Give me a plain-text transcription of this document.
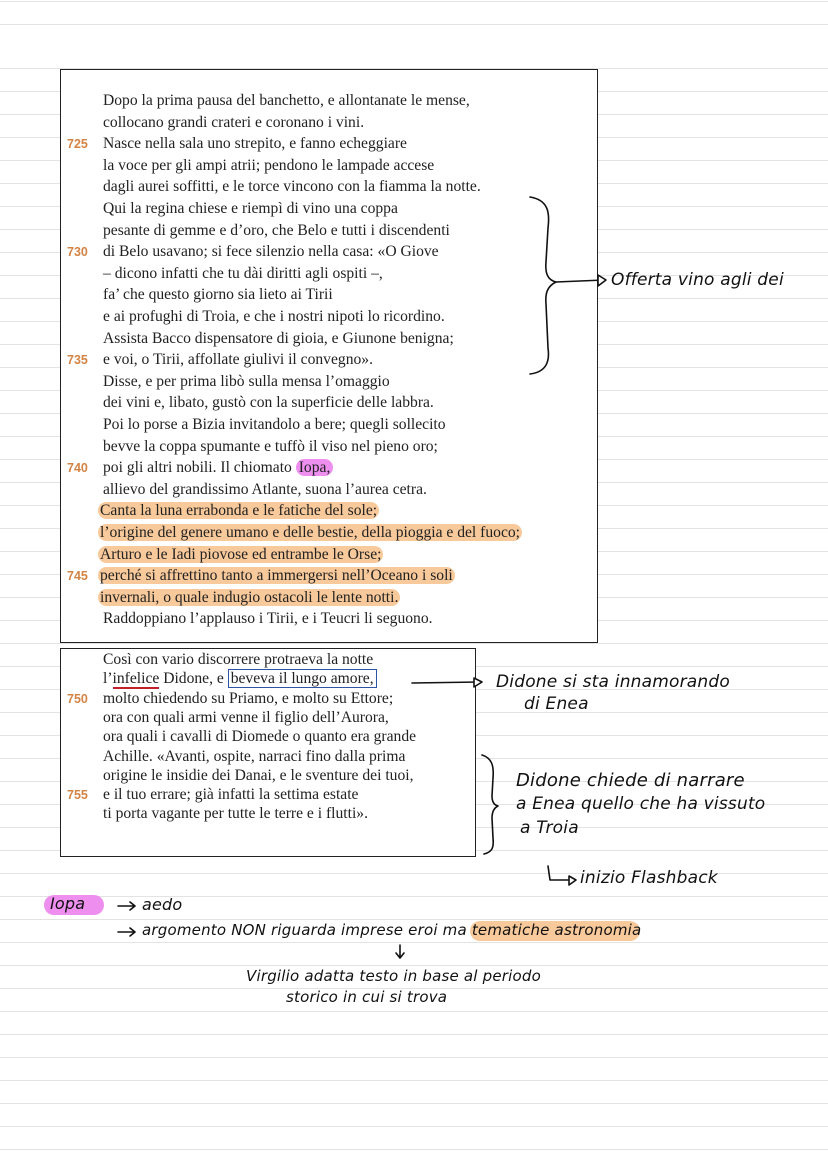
Dopo la prima pausa del banchetto, e allontanate le mense,
collocano grandi crateri e coronano i vini.
725 Nasce nella sala uno strepito, e fanno echeggiare
la voce per gli ampi atrii; pendono le lampade accese
dagli aurei soffitti, e le torce vincono con la fiamma la notte.
Qui la regina chiese e riempì di vino una coppa
pesante di gemme e d’oro, che Belo e tutti i discendenti
730 di Belo usavano; si fece silenzio nella casa: «O Giove
– dicono infatti che tu dài diritti agli ospiti –,
fa’ che questo giorno sia lieto ai Tirii
e ai profughi di Troia, e che i nostri nipoti lo ricordino.
Assista Bacco dispensatore di gioia, e Giunone benigna;
735 e voi, o Tirii, affollate giulivi il convegno».
Disse, e per prima libò sulla mensa l’omaggio
dei vini e, libato, gustò con la superficie delle labbra.
Poi lo porse a Bizia invitandolo a bere; quegli sollecito
bevve la coppa spumante e tuffò il viso nel pieno oro;
740 poi gli altri nobili. Il chiomato Iopa,
allievo del grandissimo Atlante, suona l’aurea cetra.
Canta la luna errabonda e le fatiche del sole;
l’origine del genere umano e delle bestie, della pioggia e del fuoco;
Arturo e le Iadi piovose ed entrambe le Orse;
745 perché si affrettino tanto a immergersi nell’Oceano i soli
invernali, o quale indugio ostacoli le lente notti.
Raddoppiano l’applauso i Tirii, e i Teucri li seguono.
Così con vario discorrere protraeva la notte
750 molto chiedendo su Priamo, e molto su Ettore;
ora con quali armi venne il figlio dell’Aurora,
ora quali i cavalli di Diomede o quanto era grande
Achille. «Avanti, ospite, narraci fino dalla prima
origine le insidie dei Danai, e le sventure dei tuoi,
755 e il tuo errare; già infatti la settima estate
ti porta vagante per tutte le terre e i flutti».
l’infelice Didone, e beveva il lungo amore,
Offerta vino agli dei
Didone si sta innamorando
di Enea
Didone chiede di narrare
a Enea quello che ha vissuto
a Troia
inizio Flashback
Iopa	aedo
argomento NON riguarda imprese eroi ma tematiche astronomia
Virgilio adatta testo in base al periodo
storico in cui si trova
